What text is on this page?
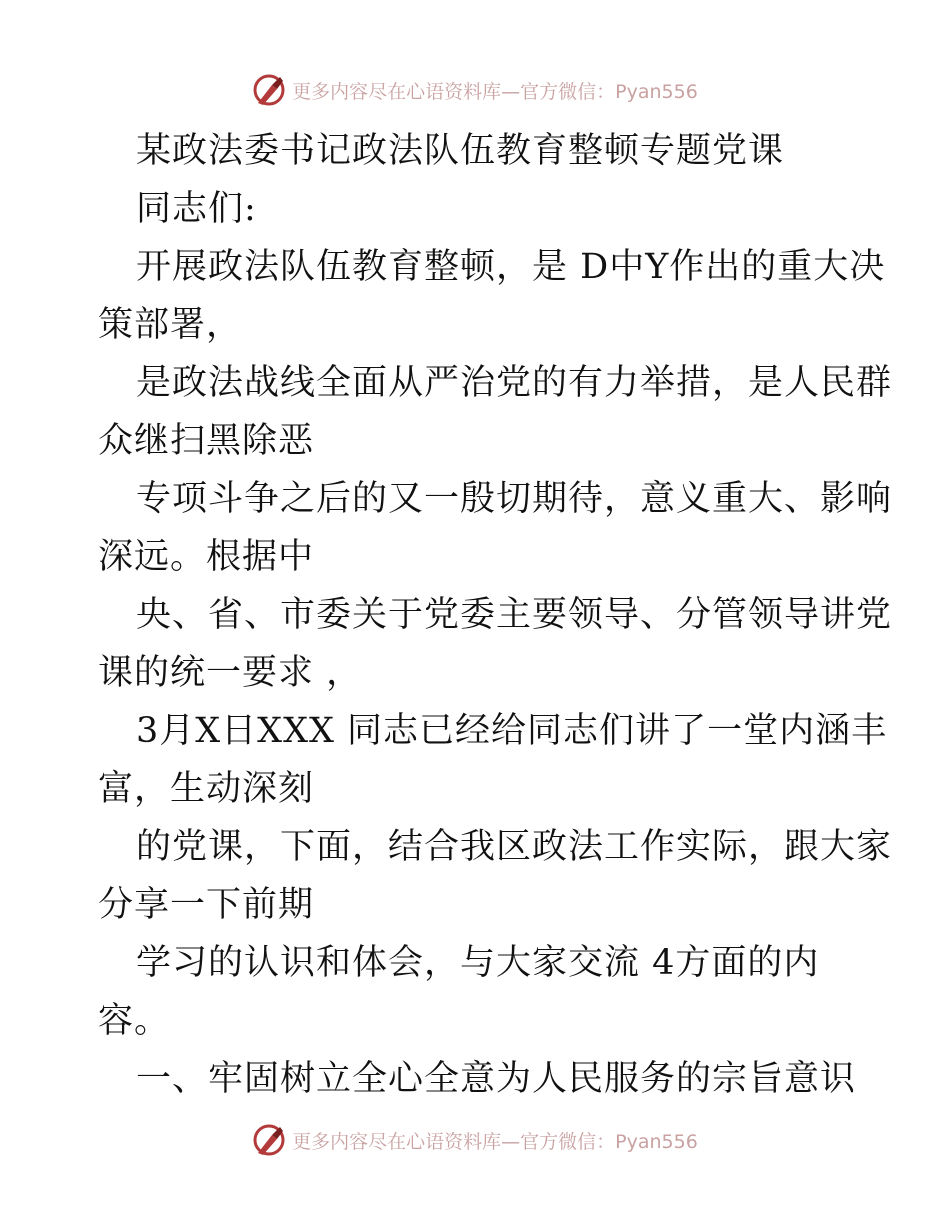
更多内容尽在心语资料库—官方微信：Pyan556
某政法委书记政法队伍教育整顿专题党课
同志们:
开展政法队伍教育整顿，是 D中Y作出的重大决
策部署，
是政法战线全面从严治党的有力举措，是人民群
众继扫黑除恶
专项斗争之后的又一殷切期待，意义重大、影响
深远。根据中
央、省、市委关于党委主要领导、分管领导讲党
课的统一要求 ，
3月X日XXX 同志已经给同志们讲了一堂内涵丰
富，生动深刻
的党课，下面，结合我区政法工作实际，跟大家
分享一下前期
学习的认识和体会，与大家交流 4方面的内
容。
一、牢固树立全心全意为人民服务的宗旨意识
更多内容尽在心语资料库—官方微信：Pyan556
